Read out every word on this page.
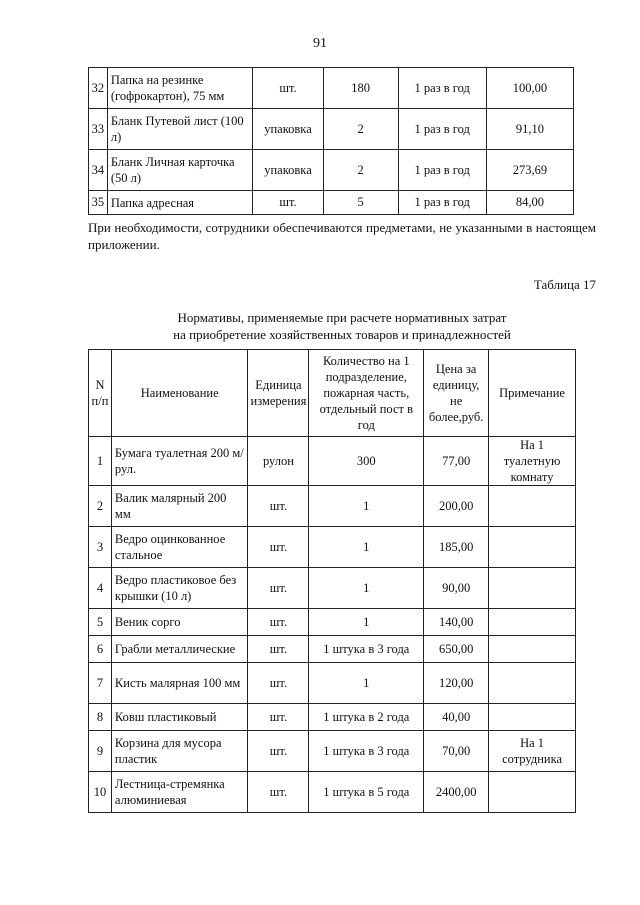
91
32	Папка на резинке (гофрокартон), 75 мм	шт.	180	1 раз в год	100,00
33	Бланк Путевой лист (100 л)	упаковка	2	1 раз в год	91,10
34	Бланк Личная карточка (50 л)	упаковка	2	1 раз в год	273,69
35	Папка адресная	шт.	5	1 раз в год	84,00
При необходимости, сотрудники обеспечиваются предметами, не указанными в настоящем приложении.
Таблица 17
Нормативы, применяемые при расчете нормативных затрат
на приобретение хозяйственных товаров и принадлежностей
N п/п	Наименование	Единица измерения	Количество на 1 подразделение, пожарная часть, отдельный пост в год	Цена за единицу, не более,руб.	Примечание
1	Бумага туалетная 200 м/рул.	рулон	300	77,00	На 1 туалетную комнату
2	Валик малярный 200 мм	шт.	1	200,00	
3	Ведро оцинкованное стальное	шт.	1	185,00	
4	Ведро пластиковое без крышки (10 л)	шт.	1	90,00	
5	Веник сорго	шт.	1	140,00	
6	Грабли металлические	шт.	1 штука в 3 года	650,00	
7	Кисть малярная 100 мм	шт.	1	120,00	
8	Ковш пластиковый	шт.	1 штука в 2 года	40,00	
9	Корзина для мусора пластик	шт.	1 штука в 3 года	70,00	На 1 сотрудника
10	Лестница-стремянка алюминиевая	шт.	1 штука в 5 года	2400,00	
